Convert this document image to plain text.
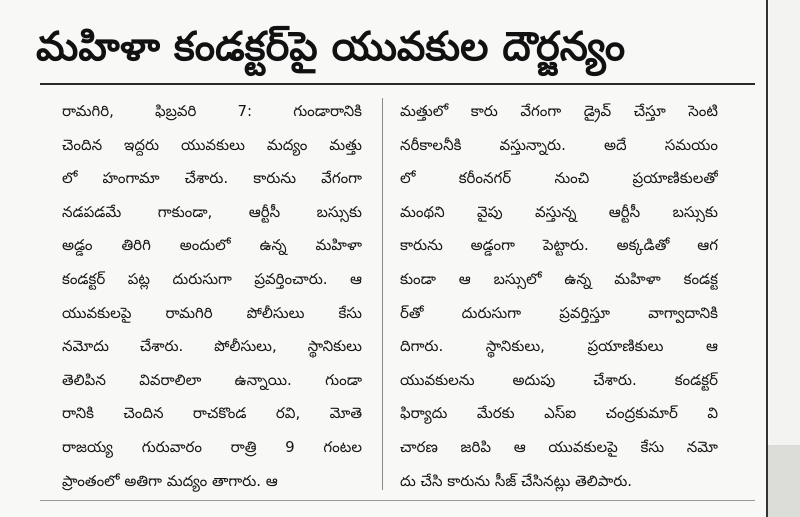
మహిళా కండక్టర్‌పై యువకుల దౌర్జన్యం
రామగిరి, ఫిబ్రవరి 7: గుండారానికి
చెందిన ఇద్దరు యువకులు మద్యం మత్తు
లో హంగామా చేశారు. కారును వేగంగా
నడపడమే గాకుండా, ఆర్టీసీ బస్సుకు
అడ్డం తిరిగి అందులో ఉన్న మహిళా
కండక్టర్ పట్ల దురుసుగా ప్రవర్తించారు. ఆ
యువకులపై రామగిరి పోలీసులు కేసు
నమోదు చేశారు. పోలీసులు, స్థానికులు
తెలిపిన వివరాలిలా ఉన్నాయి. గుండా
రానికి చెందిన రాచకొండ రవి, మోతె
రాజయ్య గురువారం రాత్రి 9 గంటల
ప్రాంతంలో అతిగా మద్యం తాగారు. ఆ
మత్తులో కారు వేగంగా డ్రైవ్ చేస్తూ సెంటి
నరీకాలనీకి వస్తున్నారు. అదే సమయం
లో కరీంనగర్ నుంచి ప్రయాణికులతో
మంథని వైపు వస్తున్న ఆర్టీసీ బస్సుకు
కారును అడ్డంగా పెట్టారు. అక్కడితో ఆగ
కుండా ఆ బస్సులో ఉన్న మహిళా కండక్ట
ర్‌తో దురుసుగా ప్రవర్తిస్తూ వాగ్వాదానికి
దిగారు. స్థానికులు, ప్రయాణికులు ఆ
యువకులను అదుపు చేశారు. కండక్టర్
ఫిర్యాదు మేరకు ఎస్ఐ చంద్రకుమార్ వి
చారణ జరిపి ఆ యువకులపై కేసు నమో
దు చేసి కారును సీజ్ చేసినట్లు తెలిపారు.
